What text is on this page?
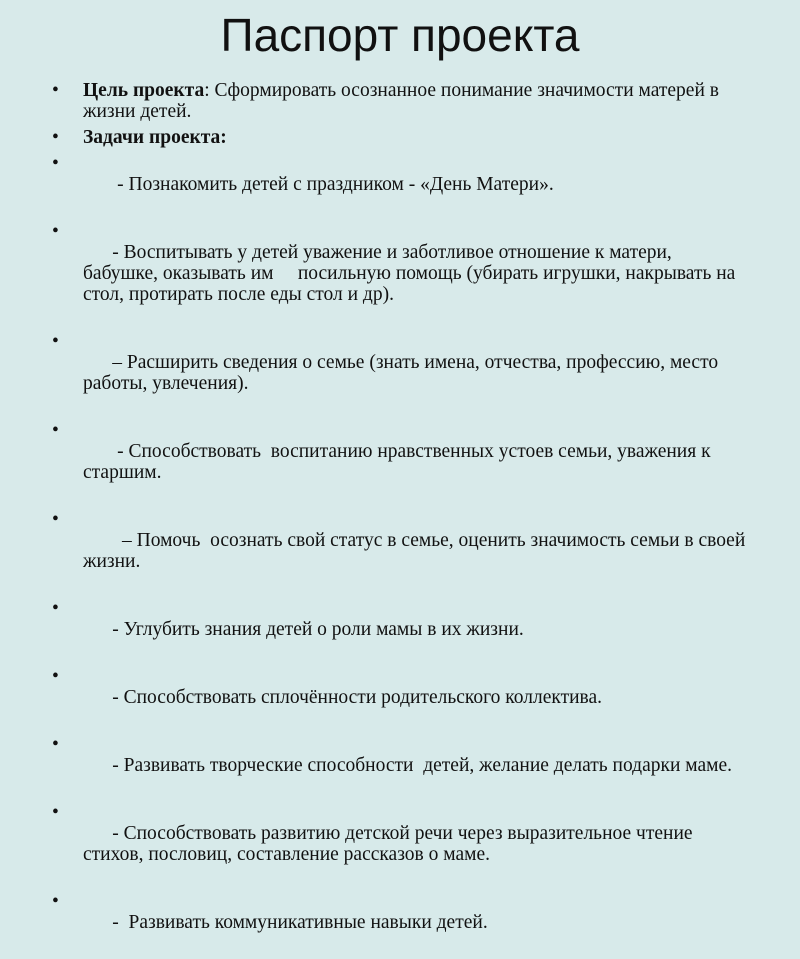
Паспорт проекта
•	Цель проекта: Сформировать осознанное понимание значимости матерей в жизни детей.
•	Задачи проекта:

•
- Познакомить детей с праздником - «День Матери».

•
- Воспитывать у детей уважение и заботливое отношение к матери,  бабушке, оказывать им     посильную помощь (убирать игрушки, накрывать на стол, протирать после еды стол и др).

•
– Расширить сведения о семье (знать имена, отчества, профессию, место работы, увлечения).

•
- Способствовать  воспитанию нравственных устоев семьи, уважения к старшим.

•
– Помочь  осознать свой статус в семье, оценить значимость семьи в своей жизни.

•
- Углубить знания детей о роли мамы в их жизни.

•
- Способствовать сплочённости родительского коллектива.

•
- Развивать творческие способности  детей, желание делать подарки маме.

•
- Способствовать развитию детской речи через выразительное чтение стихов, пословиц, составление рассказов о маме.

•
-  Развивать коммуникативные навыки детей.
